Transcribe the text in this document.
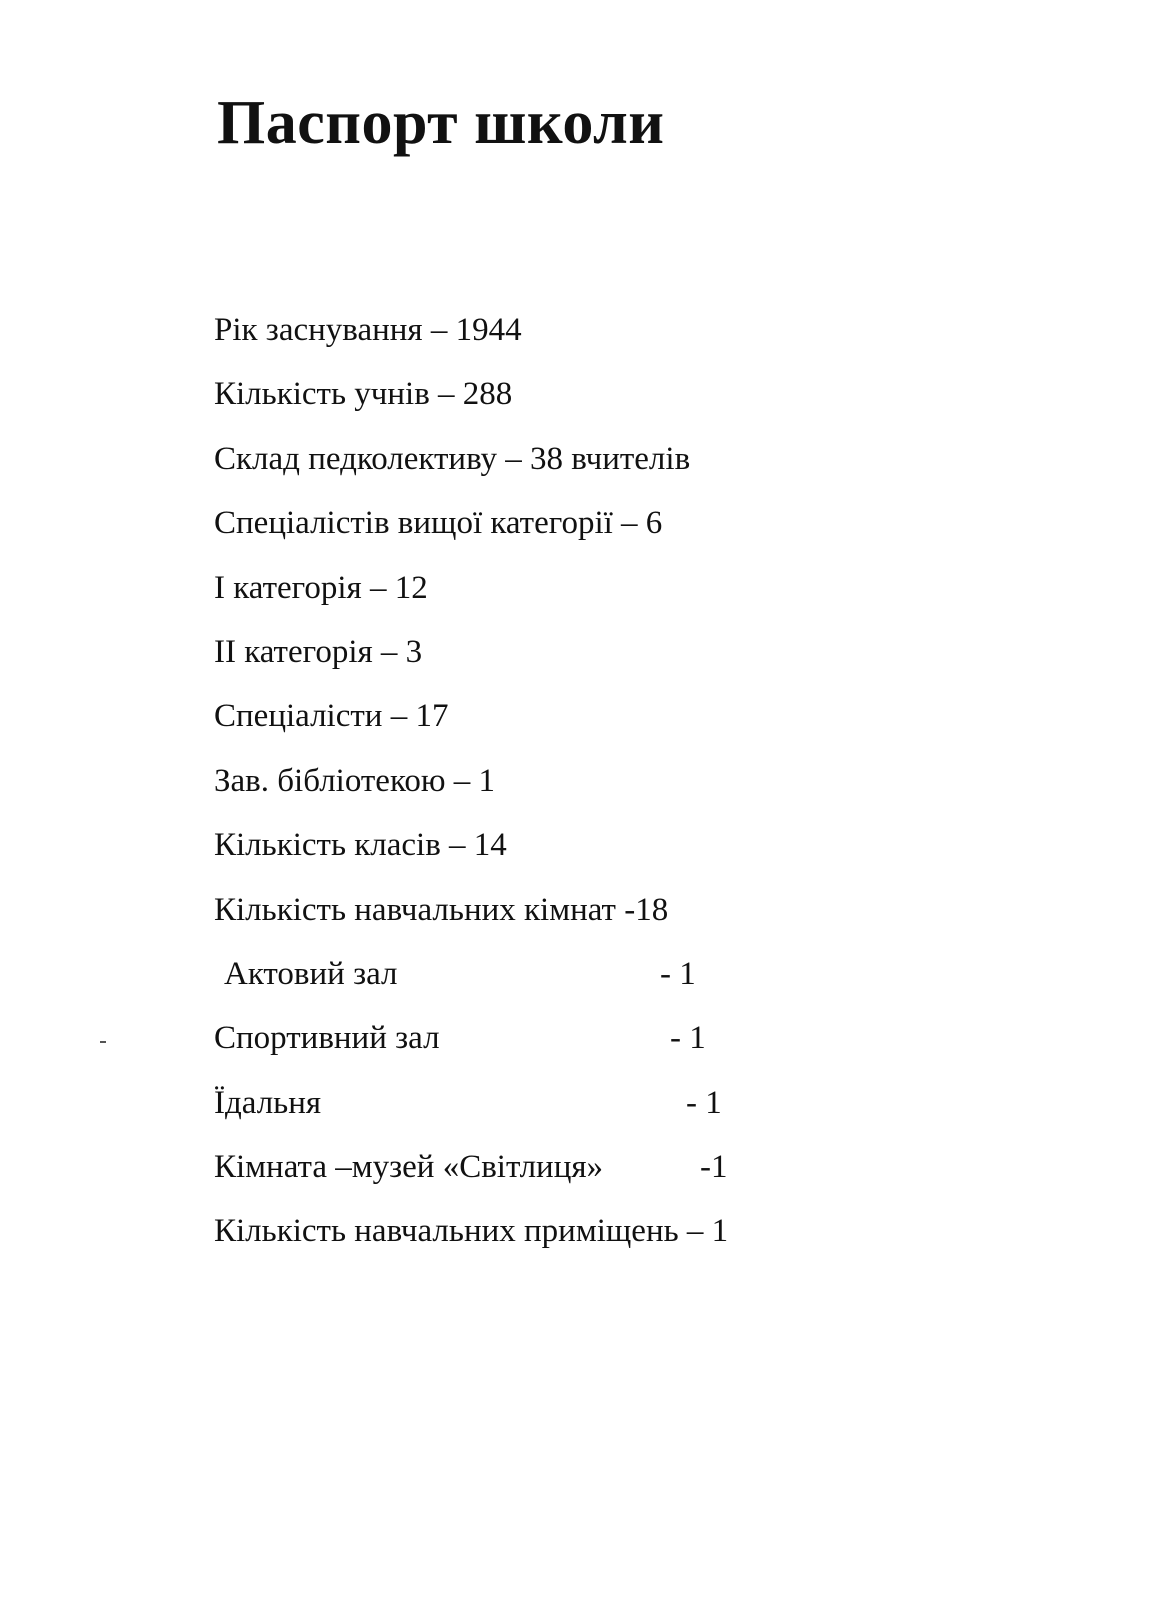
Паспорт школи
Рік заснування – 1944
Кількість учнів – 288
Склад педколективу – 38 вчителів
Спеціалістів вищої категорії – 6
І категорія – 12
ІІ категорія – 3
Спеціалісти – 17
Зав. бібліотекою – 1
Кількість класів – 14
Кількість навчальних кімнат -18
Актовий зал	- 1
Спортивний зал	- 1
Їдальня	- 1
Кімната –музей «Світлиця»	-1
Кількість навчальних приміщень – 1
